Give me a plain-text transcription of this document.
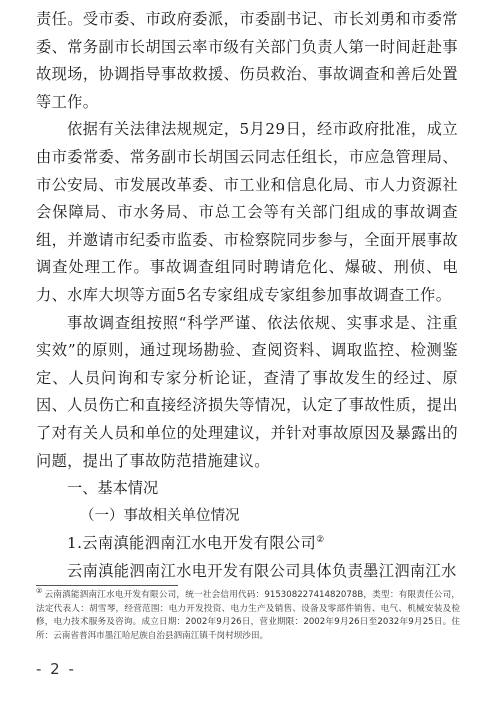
责任。受市委、市政府委派，市委副书记、市长刘勇和市委常委、常务副市长胡国云率市级有关部门负责人第一时间赶赴事故现场，协调指导事故救援、伤员救治、事故调查和善后处置等工作。

依据有关法律法规规定，5月29日，经市政府批准，成立由市委常委、常务副市长胡国云同志任组长，市应急管理局、市公安局、市发展改革委、市工业和信息化局、市人力资源社会保障局、市水务局、市总工会等有关部门组成的事故调查组，并邀请市纪委市监委、市检察院同步参与，全面开展事故调查处理工作。事故调查组同时聘请危化、爆破、刑侦、电力、水库大坝等方面5名专家组成专家组参加事故调查工作。

事故调查组按照“科学严谨、依法依规、实事求是、注重实效”的原则，通过现场勘验、查阅资料、调取监控、检测鉴定、人员问询和专家分析论证，查清了事故发生的经过、原因、人员伤亡和直接经济损失等情况，认定了事故性质，提出了对有关人员和单位的处理建议，并针对事故原因及暴露出的问题，提出了事故防范措施建议。

一、基本情况

（一）事故相关单位情况

1.云南滇能泗南江水电开发有限公司②

云南滇能泗南江水电开发有限公司具体负责墨江泗南江水

② 云南滇能泗南江水电开发有限公司，统一社会信用代码：91530822741482078B，类型：有限责任公司，法定代表人：胡雪琴，经营范围：电力开发投资、电力生产及销售、设备及零部件销售、电气、机械安装及检修，电力技术服务及咨询。成立日期：2002年9月26日，营业期限：2002年9月26日至2032年9月25日。住所：云南省普洱市墨江哈尼族自治县泗南江镇千岗村坝沙田。

- 2 -
